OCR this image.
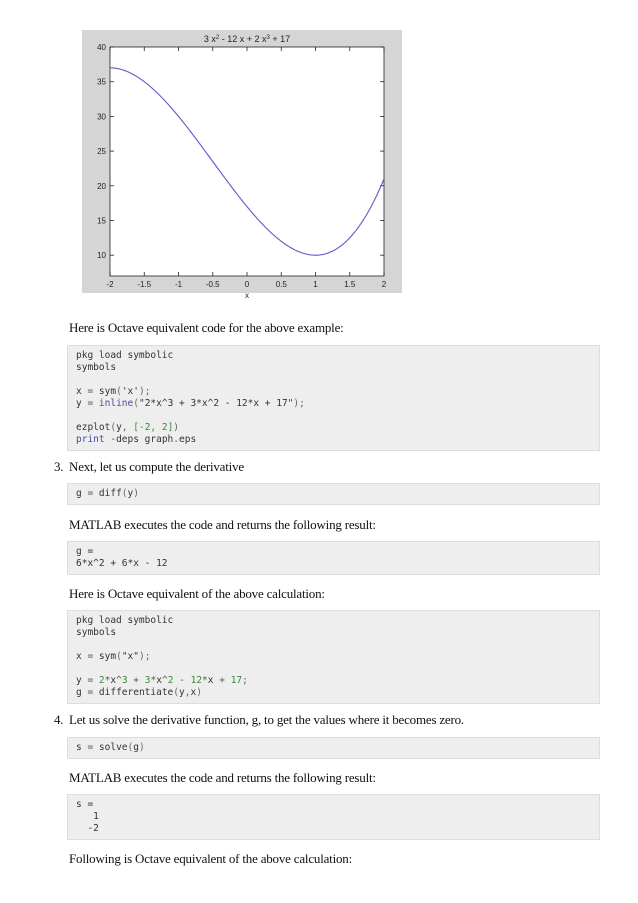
-2	-1.5	-1	-0.5	0	0.5	1	1.5	2
10
15
20
25
30
35
40
3 $x^2 - 12$ x + 2 $x^3 + 17$
x
Here is Octave equivalent code for the above example:
pkg load symbolic
symbols
x = sym('x');
y = inline("2*x^3 + 3*x^2 - 12*x + 17");
ezplot(y, [-2, 2])
print -deps graph.eps
3. Next, let us compute the derivative
g = diff(y)
MATLAB executes the code and returns the following result:
g =
6*x^2 + 6*x - 12
Here is Octave equivalent of the above calculation:
pkg load symbolic
symbols
x = sym("x");
y = 2*x^3 + 3*x^2 - 12*x + 17;
g = differentiate(y,x)
4. Let us solve the derivative function, g, to get the values where it becomes zero.
s = solve(g)
MATLAB executes the code and returns the following result:
s =
1
-2
Following is Octave equivalent of the above calculation:
